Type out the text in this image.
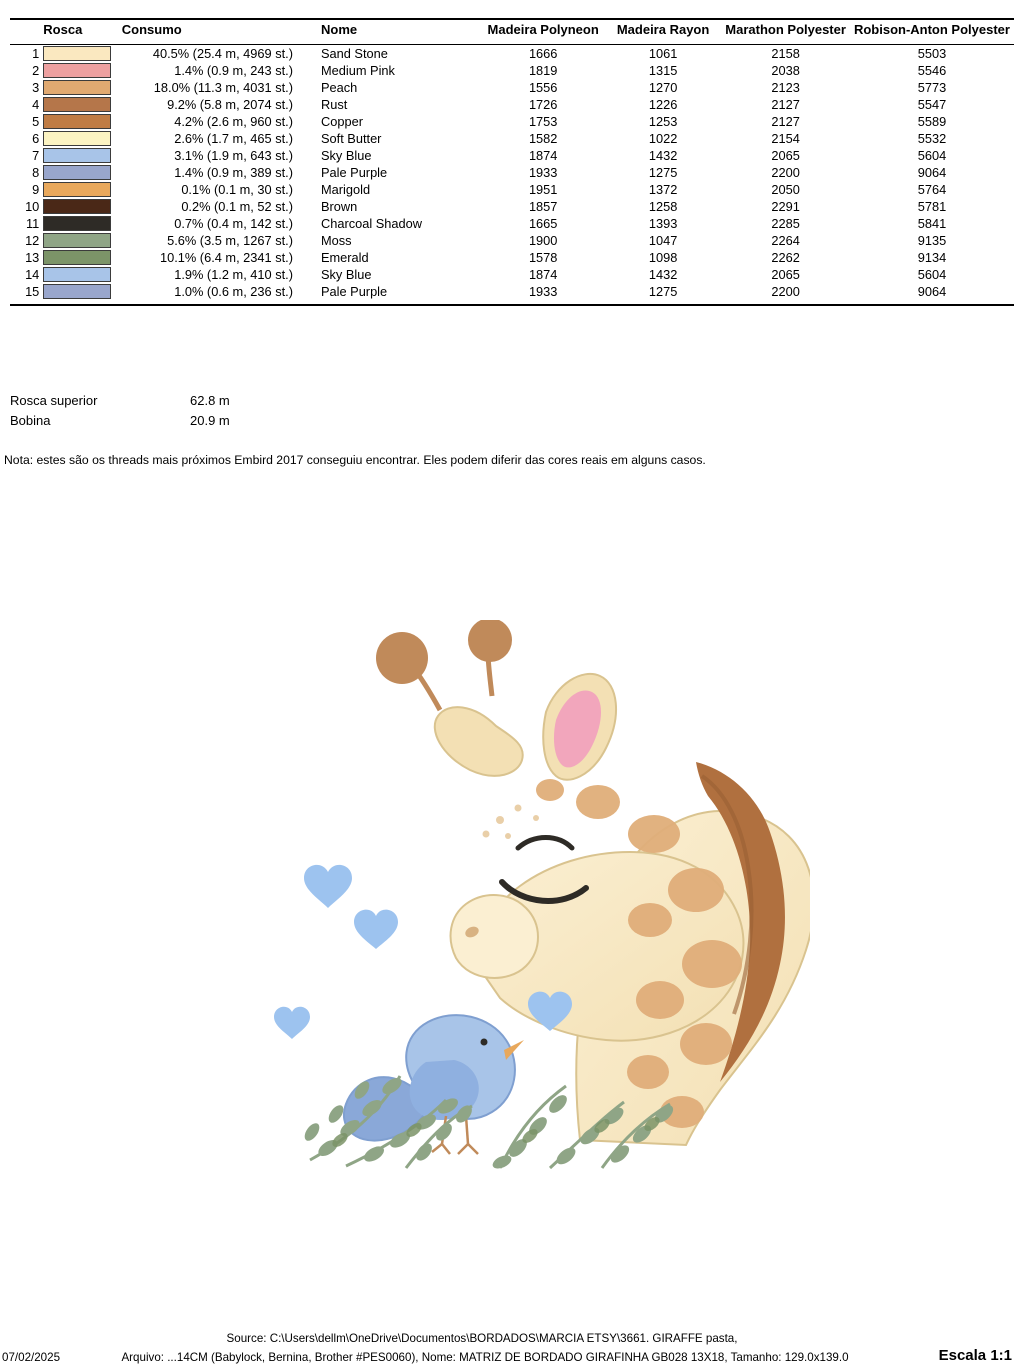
	Rosca	Consumo	Nome	Madeira Polyneon	Madeira Rayon	Marathon Polyester	Robison-Anton Polyester
1		40.5% (25.4 m, 4969 st.)	Sand Stone	1666	1061	2158	5503
2		1.4% (0.9 m, 243 st.)	Medium Pink	1819	1315	2038	5546
3		18.0% (11.3 m, 4031 st.)	Peach	1556	1270	2123	5773
4		9.2% (5.8 m, 2074 st.)	Rust	1726	1226	2127	5547
5		4.2% (2.6 m, 960 st.)	Copper	1753	1253	2127	5589
6		2.6% (1.7 m, 465 st.)	Soft Butter	1582	1022	2154	5532
7		3.1% (1.9 m, 643 st.)	Sky Blue	1874	1432	2065	5604
8		1.4% (0.9 m, 389 st.)	Pale Purple	1933	1275	2200	9064
9		0.1% (0.1 m, 30 st.)	Marigold	1951	1372	2050	5764
10		0.2% (0.1 m, 52 st.)	Brown	1857	1258	2291	5781
11		0.7% (0.4 m, 142 st.)	Charcoal Shadow	1665	1393	2285	5841
12		5.6% (3.5 m, 1267 st.)	Moss	1900	1047	2264	9135
13		10.1% (6.4 m, 2341 st.)	Emerald	1578	1098	2262	9134
14		1.9% (1.2 m, 410 st.)	Sky Blue	1874	1432	2065	5604
15		1.0% (0.6 m, 236 st.)	Pale Purple	1933	1275	2200	9064
Rosca superior	62.8 m
Bobina	20.9 m
Nota: estes são os threads mais próximos Embird 2017 conseguiu encontrar. Eles podem diferir das cores reais em alguns casos.
Source: C:\Users\dellm\OneDrive\Documentos\BORDADOS\MARCIA ETSY\3661. GIRAFFE pasta,
07/02/2025	Arquivo: ...14CM (Babylock, Bernina, Brother #PES0060), Nome: MATRIZ DE BORDADO GIRAFINHA GB028 13X18, Tamanho: 129.0x139.0	Escala 1:1
